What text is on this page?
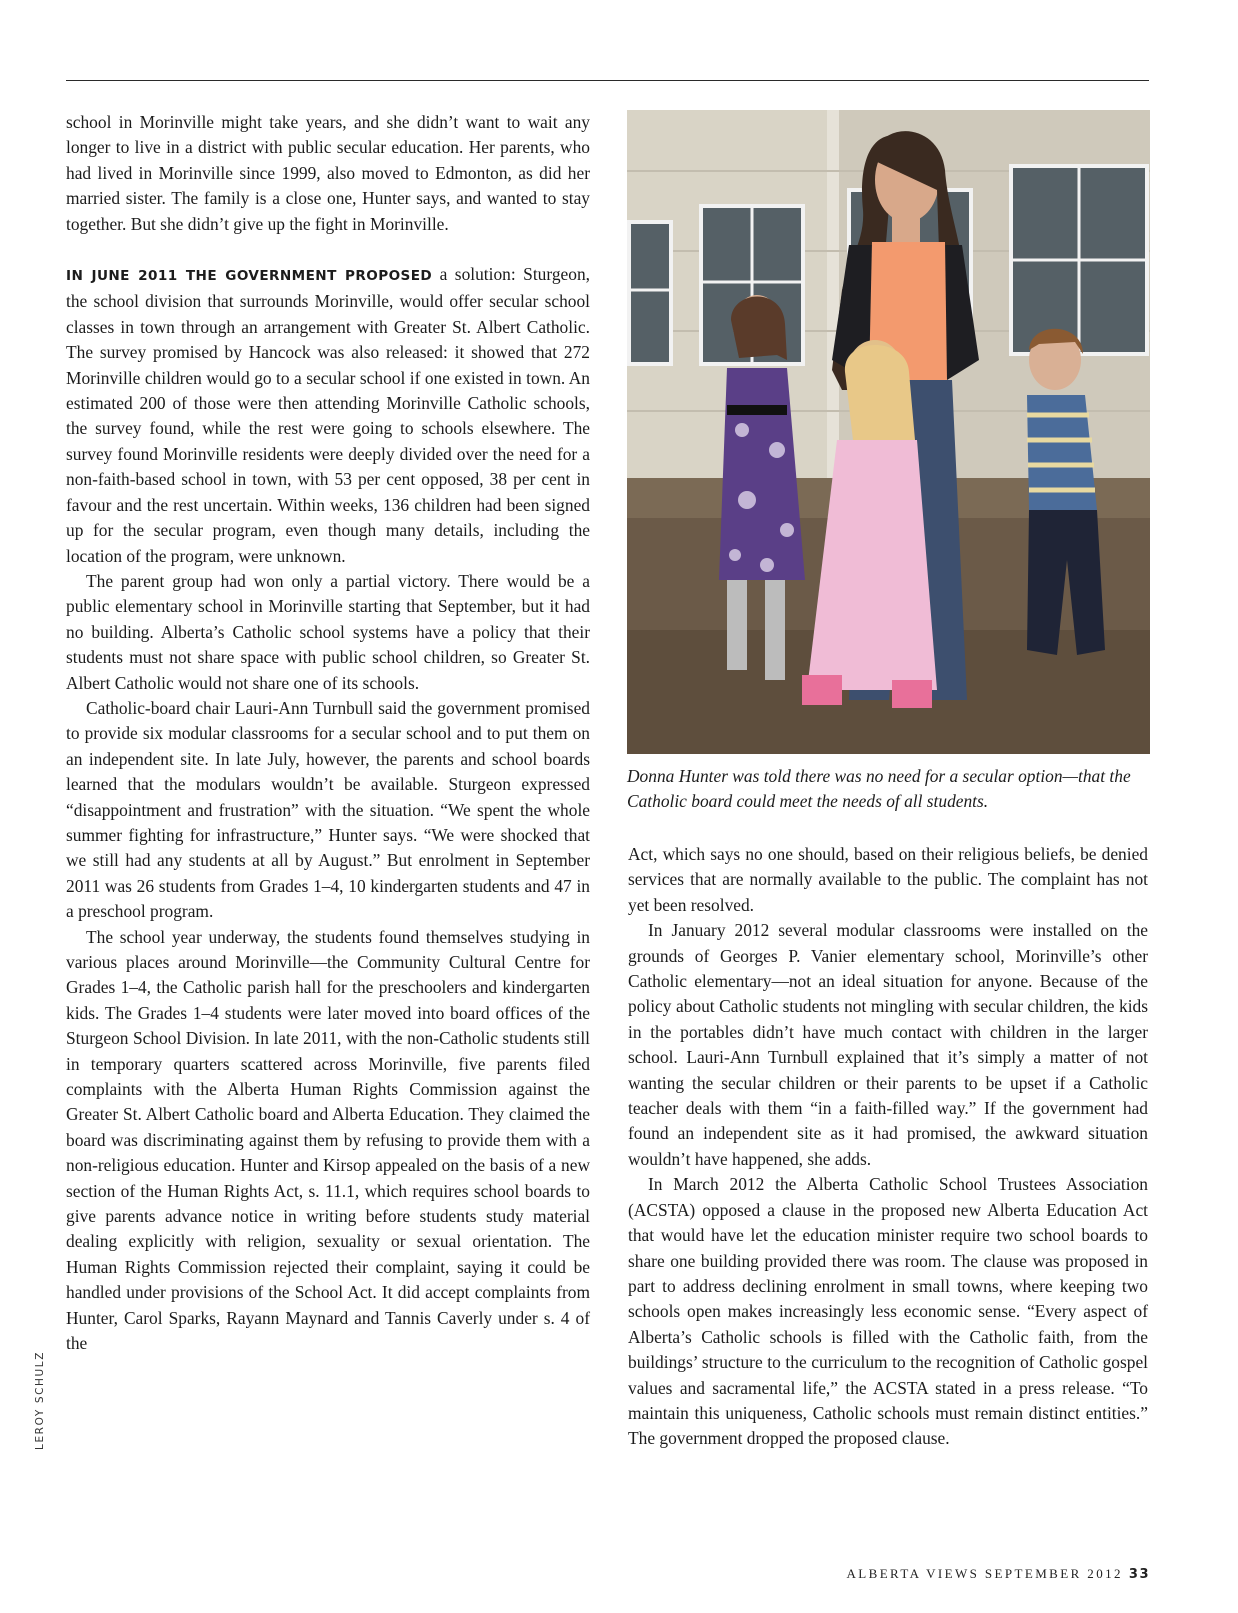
school in Morinville might take years, and she didn’t want to wait any longer to live in a district with public secular education. Her parents, who had lived in Morinville since 1999, also moved to Edmonton, as did her married sister. The family is a close one, Hunter says, and wanted to stay together. But she didn’t give up the fight in Morinville.

IN JUNE 2011 THE GOVERNMENT PROPOSED a solution: Sturgeon, the school division that surrounds Morinville, would offer secular school classes in town through an arrangement with Greater St. Albert Catholic. The survey promised by Hancock was also released: it showed that 272 Morinville children would go to a secular school if one existed in town. An estimated 200 of those were then attending Morinville Catholic schools, the survey found, while the rest were going to schools elsewhere. The survey found Morinville residents were deeply divided over the need for a non-faith-based school in town, with 53 per cent opposed, 38 per cent in favour and the rest uncertain. Within weeks, 136 children had been signed up for the secular program, even though many details, including the location of the program, were unknown.

The parent group had won only a partial victory. There would be a public elementary school in Morinville starting that September, but it had no building. Alberta’s Catholic school systems have a policy that their students must not share space with public school children, so Greater St. Albert Catholic would not share one of its schools.

Catholic-board chair Lauri-Ann Turnbull said the government promised to provide six modular classrooms for a secular school and to put them on an independent site. In late July, however, the parents and school boards learned that the modulars wouldn’t be available. Sturgeon expressed “disappointment and frustration” with the situation. “We spent the whole summer fighting for infrastructure,” Hunter says. “We were shocked that we still had any students at all by August.” But enrolment in September 2011 was 26 students from Grades 1–4, 10 kindergarten students and 47 in a preschool program.

The school year underway, the students found themselves studying in various places around Morinville—the Community Cultural Centre for Grades 1–4, the Catholic parish hall for the preschoolers and kindergarten kids. The Grades 1–4 students were later moved into board offices of the Sturgeon School Division. In late 2011, with the non-Catholic students still in temporary quarters scattered across Morinville, five parents filed complaints with the Alberta Human Rights Commission against the Greater St. Albert Catholic board and Alberta Education. They claimed the board was discriminating against them by refusing to provide them with a non-religious education. Hunter and Kirsop appealed on the basis of a new section of the Human Rights Act, s. 11.1, which requires school boards to give parents advance notice in writing before students study material dealing explicitly with religion, sexuality or sexual orientation. The Human Rights Commission rejected their complaint, saying it could be handled under provisions of the School Act. It did accept complaints from Hunter, Carol Sparks, Rayann Maynard and Tannis Caverly under s. 4 of the

Donna Hunter was told there was no need for a secular option—that the Catholic board could meet the needs of all students.

Act, which says no one should, based on their religious beliefs, be denied services that are normally available to the public. The complaint has not yet been resolved.

In January 2012 several modular classrooms were installed on the grounds of Georges P. Vanier elementary school, Morinville’s other Catholic elementary—not an ideal situation for anyone. Because of the policy about Catholic students not mingling with secular children, the kids in the portables didn’t have much contact with children in the larger school. Lauri-Ann Turnbull explained that it’s simply a matter of not wanting the secular children or their parents to be upset if a Catholic teacher deals with them “in a faith-filled way.” If the government had found an independent site as it had promised, the awkward situation wouldn’t have happened, she adds.

In March 2012 the Alberta Catholic School Trustees Association (ACSTA) opposed a clause in the proposed new Alberta Education Act that would have let the education minister require two school boards to share one building provided there was room. The clause was proposed in part to address declining enrolment in small towns, where keeping two schools open makes increasingly less economic sense. “Every aspect of Alberta’s Catholic schools is filled with the Catholic faith, from the buildings’ structure to the curriculum to the recognition of Catholic gospel values and sacramental life,” the ACSTA stated in a press release. “To maintain this uniqueness, Catholic schools must remain distinct entities.” The government dropped the proposed clause.

LEROY SCHULZ
ALBERTA VIEWS SEPTEMBER 2012 33
